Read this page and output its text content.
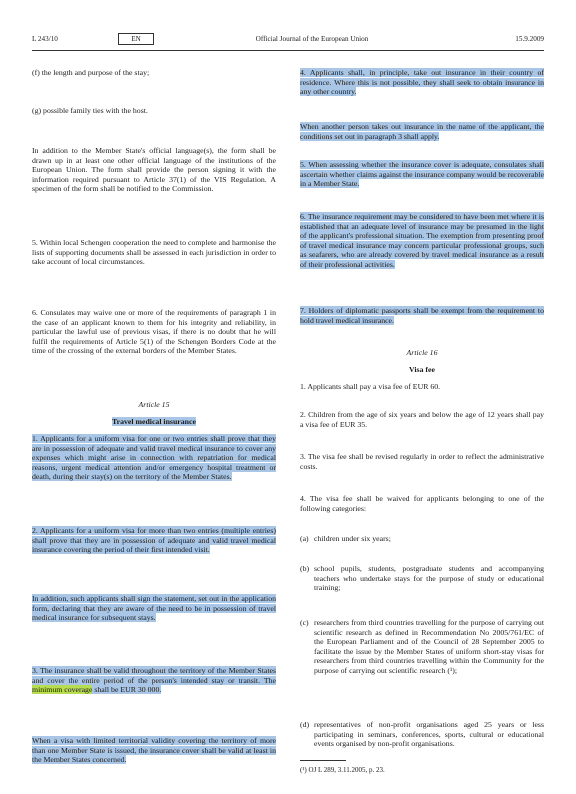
L 243/10	EN	Official Journal of the European Union	15.9.2009

(f) the length and purpose of the stay;

(g) possible family ties with the host.

In addition to the Member State's official language(s), the form shall be drawn up in at least one other official language of the institutions of the European Union. The form shall provide the person signing it with the information required pursuant to Article 37(1) of the VIS Regulation. A specimen of the form shall be notified to the Commission.

5. Within local Schengen cooperation the need to complete and harmonise the lists of supporting documents shall be assessed in each jurisdiction in order to take account of local circumstances.

6. Consulates may waive one or more of the requirements of paragraph 1 in the case of an applicant known to them for his integrity and reliability, in particular the lawful use of previous visas, if there is no doubt that he will fulfil the requirements of Article 5(1) of the Schengen Borders Code at the time of the crossing of the external borders of the Member States.

Article 15

Travel medical insurance

1. Applicants for a uniform visa for one or two entries shall prove that they are in possession of adequate and valid travel medical insurance to cover any expenses which might arise in connection with repatriation for medical reasons, urgent medical attention and/or emergency hospital treatment or death, during their stay(s) on the territory of the Member States.

2. Applicants for a uniform visa for more than two entries (multiple entries) shall prove that they are in possession of adequate and valid travel medical insurance covering the period of their first intended visit.

In addition, such applicants shall sign the statement, set out in the application form, declaring that they are aware of the need to be in possession of travel medical insurance for subsequent stays.

3. The insurance shall be valid throughout the territory of the Member States and cover the entire period of the person's intended stay or transit. The minimum coverage shall be EUR 30 000.

When a visa with limited territorial validity covering the territory of more than one Member State is issued, the insurance cover shall be valid at least in the Member States concerned.

4. Applicants shall, in principle, take out insurance in their country of residence. Where this is not possible, they shall seek to obtain insurance in any other country.

When another person takes out insurance in the name of the applicant, the conditions set out in paragraph 3 shall apply.

5. When assessing whether the insurance cover is adequate, consulates shall ascertain whether claims against the insurance company would be recoverable in a Member State.

6. The insurance requirement may be considered to have been met where it is established that an adequate level of insurance may be presumed in the light of the applicant's professional situation. The exemption from presenting proof of travel medical insurance may concern particular professional groups, such as seafarers, who are already covered by travel medical insurance as a result of their professional activities.

7. Holders of diplomatic passports shall be exempt from the requirement to hold travel medical insurance.

Article 16

Visa fee

1. Applicants shall pay a visa fee of EUR 60.

2. Children from the age of six years and below the age of 12 years shall pay a visa fee of EUR 35.

3. The visa fee shall be revised regularly in order to reflect the administrative costs.

4. The visa fee shall be waived for applicants belonging to one of the following categories:

(a) children under six years;
(b) school pupils, students, postgraduate students and accompanying teachers who undertake stays for the purpose of study or educational training;
(c) researchers from third countries travelling for the purpose of carrying out scientific research as defined in Recommendation No 2005/761/EC of the European Parliament and of the Council of 28 September 2005 to facilitate the issue by the Member States of uniform short-stay visas for researchers from third countries travelling within the Community for the purpose of carrying out scientific research (¹);
(d) representatives of non-profit organisations aged 25 years or less participating in seminars, conferences, sports, cultural or educational events organised by non-profit organisations.

(¹) OJ L 289, 3.11.2005, p. 23.
